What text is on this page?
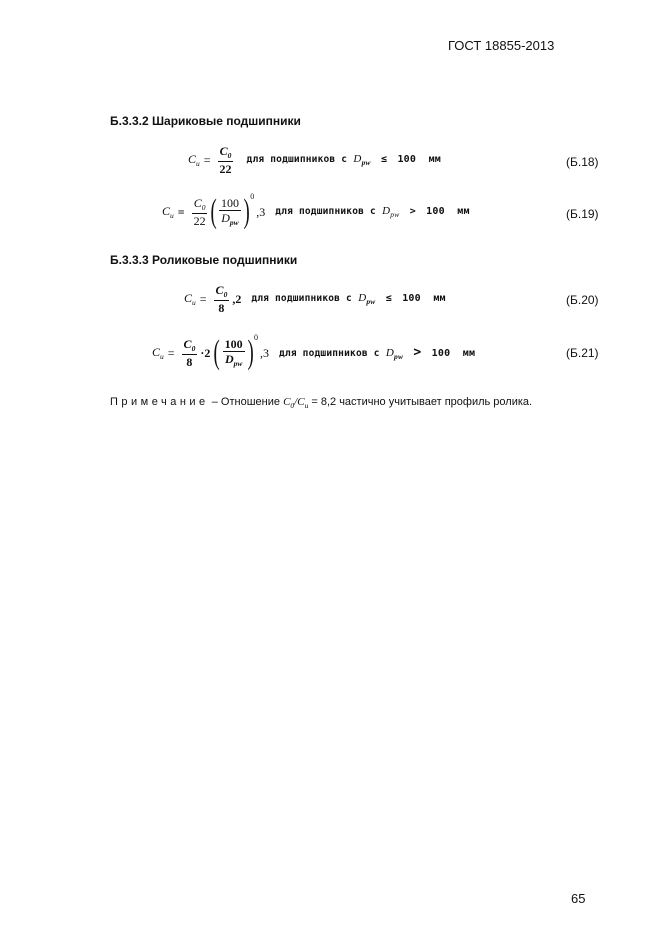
ГОСТ 18855-2013
Б.3.3.2 Шариковые подшипники
$C_u = \frac{C_0}{22}$ для подшипников с $D_{pw} \le 100$ мм	(Б.18)
$C_u = \frac{C_0}{22}$ ( $\frac{100}{D_{pw}}$ ) 0
,3 для подшипников с $D_{pw} > 100$ мм	(Б.19)
Б.3.3.3 Роликовые подшипники
$C_u = \frac{C_0}{8} ,2$ для подшипников с $D_{pw} \le 100$ мм	(Б.20)
$C_u = \frac{C_0}{8} \cdot 2$ ( $\frac{100}{D_{pw}}$ ) 0
,3 для подшипников с $D_{pw} > 100$ мм	(Б.21)
Примечание – Отношение $C_0/C_u = 8,2$ частично учитывает профиль ролика.
65
